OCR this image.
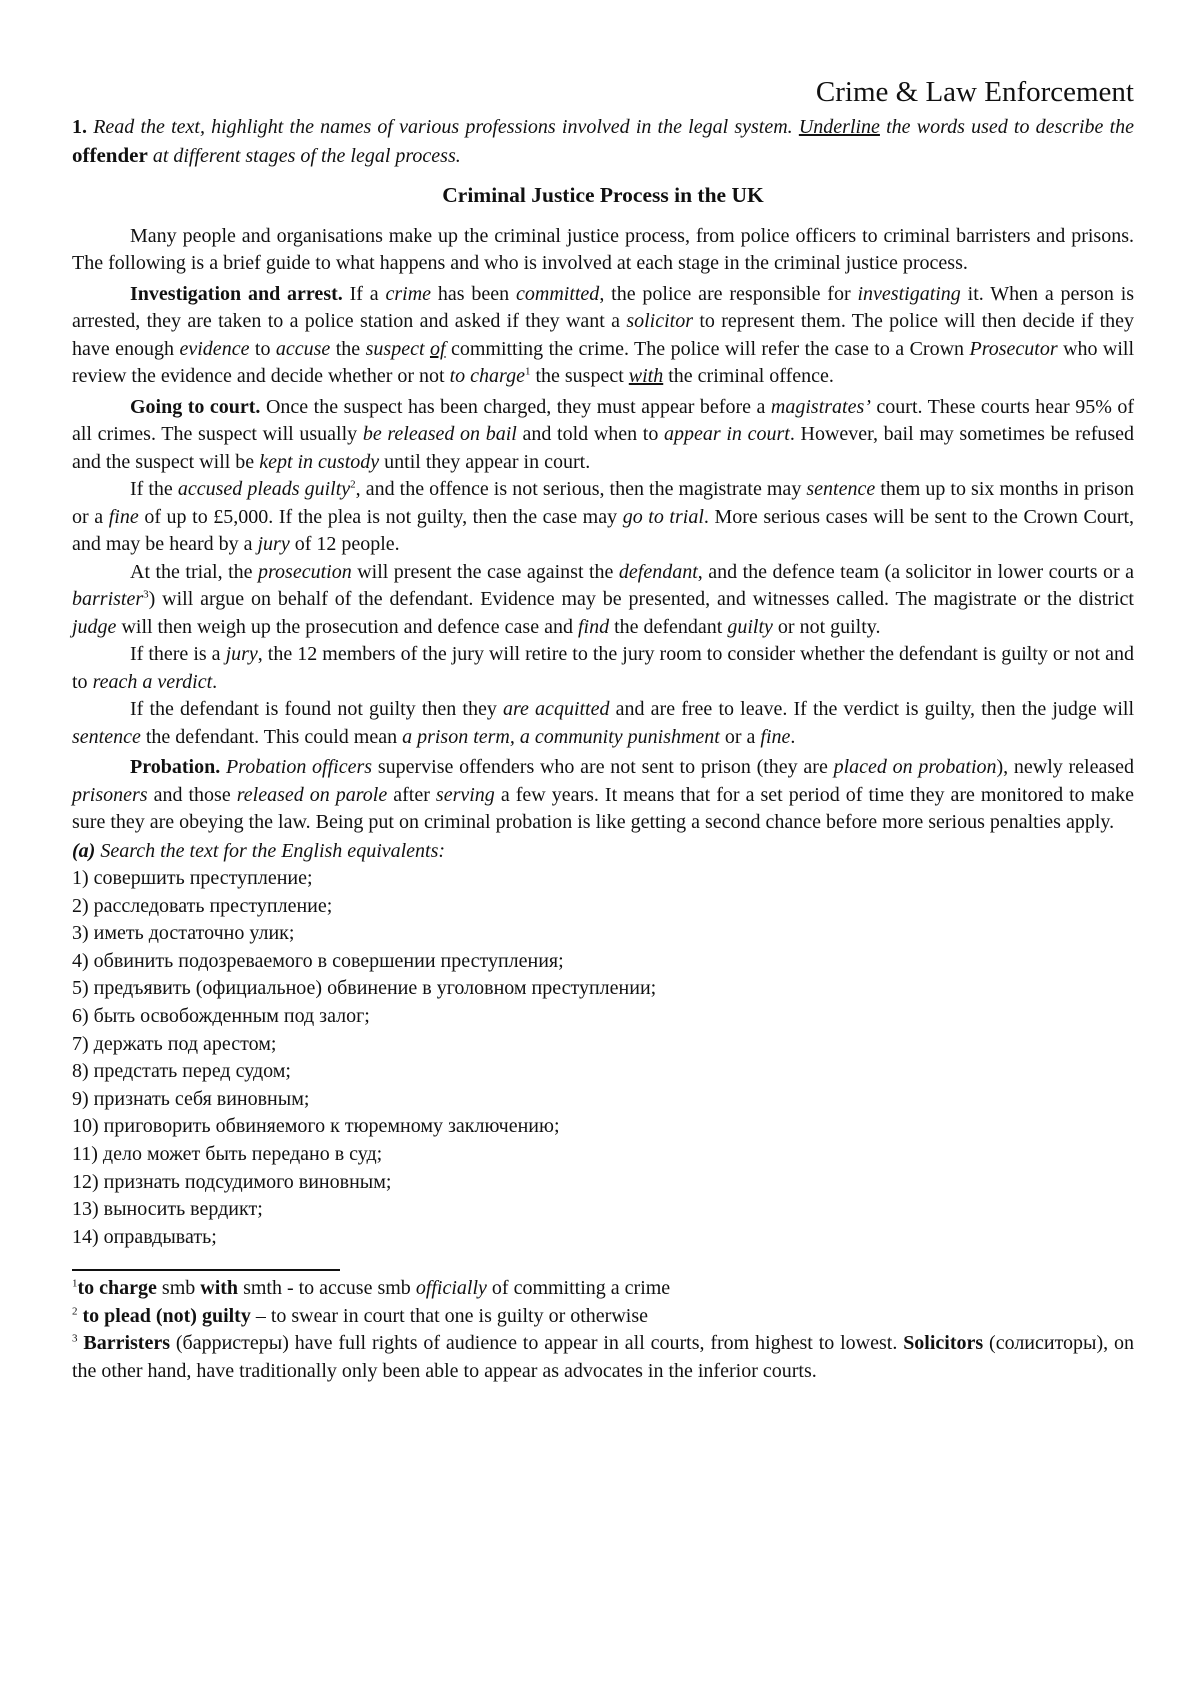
Crime & Law Enforcement

1. Read the text, highlight the names of various professions involved in the legal system. Underline the words used to describe the offender at different stages of the legal process.

Criminal Justice Process in the UK

Many people and organisations make up the criminal justice process, from police officers to criminal barristers and prisons. The following is a brief guide to what happens and who is involved at each stage in the criminal justice process.

Investigation and arrest. If a crime has been committed, the police are responsible for investigating it. When a person is arrested, they are taken to a police station and asked if they want a solicitor to represent them. The police will then decide if they have enough evidence to accuse the suspect of committing the crime. The police will refer the case to a Crown Prosecutor who will review the evidence and decide whether or not to charge$^1$ the suspect with the criminal offence.

Going to court. Once the suspect has been charged, they must appear before a magistrates’ court. These courts hear 95% of all crimes. The suspect will usually be released on bail and told when to appear in court. However, bail may sometimes be refused and the suspect will be kept in custody until they appear in court.

If the accused pleads guilty$^2$, and the offence is not serious, then the magistrate may sentence them up to six months in prison or a fine of up to £5,000. If the plea is not guilty, then the case may go to trial. More serious cases will be sent to the Crown Court, and may be heard by a jury of 12 people.

At the trial, the prosecution will present the case against the defendant, and the defence team (a solicitor in lower courts or a barrister$^3$) will argue on behalf of the defendant. Evidence may be presented, and witnesses called. The magistrate or the district judge will then weigh up the prosecution and defence case and find the defendant guilty or not guilty.

If there is a jury, the 12 members of the jury will retire to the jury room to consider whether the defendant is guilty or not and to reach a verdict.

If the defendant is found not guilty then they are acquitted and are free to leave. If the verdict is guilty, then the judge will sentence the defendant. This could mean a prison term, a community punishment or a fine.

Probation. Probation officers supervise offenders who are not sent to prison (they are placed on probation), newly released prisoners and those released on parole after serving a few years. It means that for a set period of time they are monitored to make sure they are obeying the law. Being put on criminal probation is like getting a second chance before more serious penalties apply.

(a) Search the text for the English equivalents:
1) совершить преступление;
2) расследовать преступление;
3) иметь достаточно улик;
4) обвинить подозреваемого в совершении преступления;
5) предъявить (официальное) обвинение в уголовном преступлении;
6) быть освобожденным под залог;
7) держать под арестом;
8) предстать перед судом;
9) признать себя виновным;
10) приговорить обвиняемого к тюремному заключению;
11) дело может быть передано в суд;
12) признать подсудимого виновным;
13) выносить вердикт;
14) оправдывать;
$^1$to charge smb with smth - to accuse smb officially of committing a crime
$^2$ to plead (not) guilty – to swear in court that one is guilty or otherwise
$^3$ Barristers (барристеры) have full rights of audience to appear in all courts, from highest to lowest. Solicitors (солиситоры), on the other hand, have traditionally only been able to appear as advocates in the inferior courts.
